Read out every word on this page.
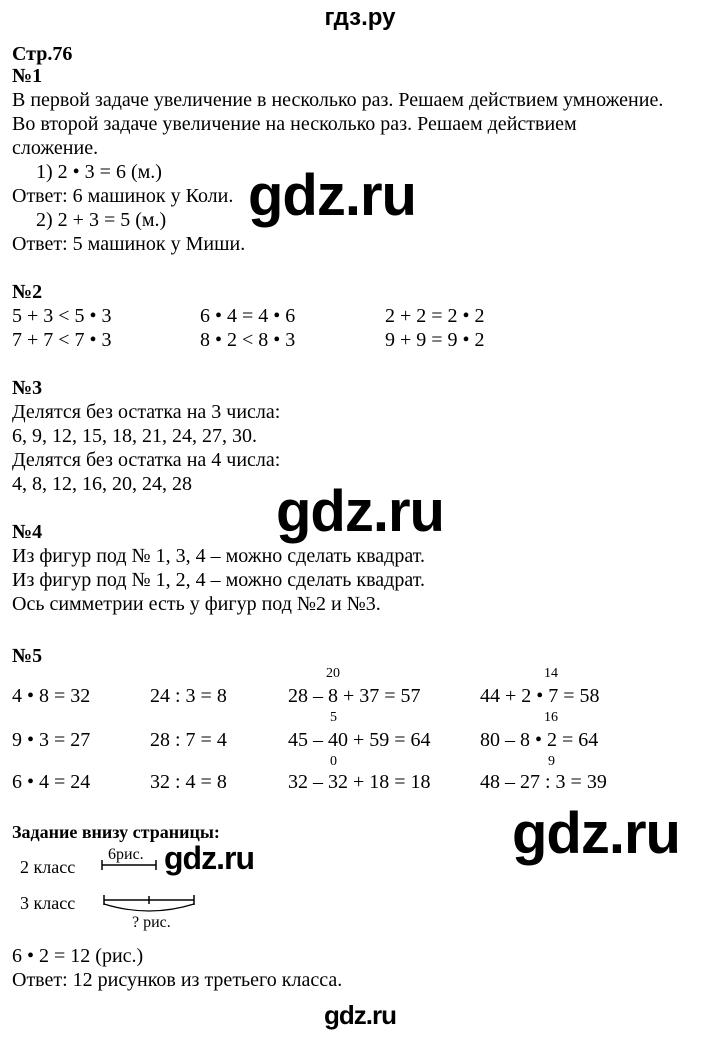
гдз.ру
Стр.76
№1
В первой задаче увеличение в несколько раз. Решаем действием умножение.
Во второй задаче увеличение на несколько раз. Решаем действием
сложение.
1) 2 • 3 = 6 (м.)
Ответ: 6 машинок у Коли.
2) 2 + 3 = 5 (м.)
Ответ: 5 машинок у Миши.
gdz.ru
№2
5 + 3 < 5 • 3	6 • 4 = 4 • 6	2 + 2 = 2 • 2
7 + 7 < 7 • 3	8 • 2 < 8 • 3	9 + 9 = 9 • 2
№3
Делятся без остатка на 3 числа:
6, 9, 12, 15, 18, 21, 24, 27, 30.
Делятся без остатка на 4 числа:
4, 8, 12, 16, 20, 24, 28 gdz.ru
№4
Из фигур под № 1, 3, 4 – можно сделать квадрат.
Из фигур под № 1, 2, 4 – можно сделать квадрат.
Ось симметрии есть у фигур под №2 и №3.
№5
20	14
4 • 8 = 32	24 : 3 = 8	28 – 8 + 37 = 57	44 + 2 • 7 = 58
5	16
9 • 3 = 27	28 : 7 = 4	45 – 40 + 59 = 64 80 – 8 • 2 = 64
0	9
6 • 4 = 24	32 : 4 = 8	32 – 32 + 18 = 18 48 – 27 : 3 = 39
Задание внизу страницы:	gdz.ru
2 класс
6рис. gdz.ru
3 класс
? рис.
6 • 2 = 12 (рис.)
Ответ: 12 рисунков из третьего класса.
gdz.ru
